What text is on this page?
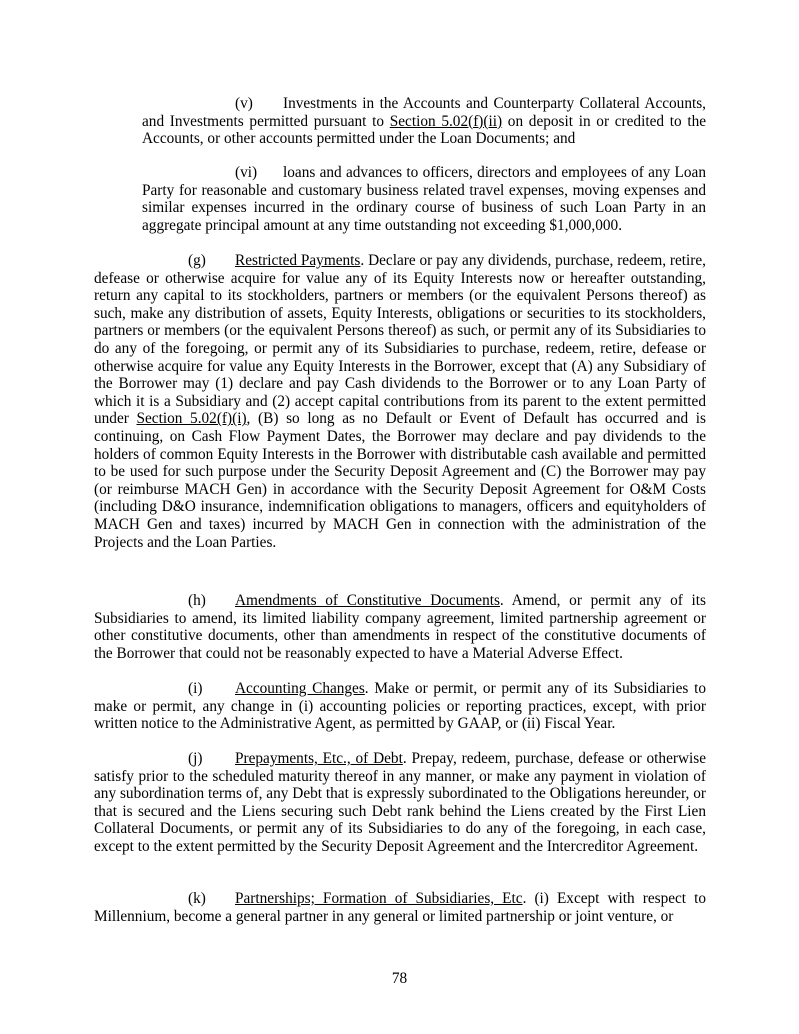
(v) Investments in the Accounts and Counterparty Collateral Accounts, and Investments permitted pursuant to Section 5.02(f)(ii) on deposit in or credited to the Accounts, or other accounts permitted under the Loan Documents; and

(vi) loans and advances to officers, directors and employees of any Loan Party for reasonable and customary business related travel expenses, moving expenses and similar expenses incurred in the ordinary course of business of such Loan Party in an aggregate principal amount at any time outstanding not exceeding $1,000,000.

(g) Restricted Payments. Declare or pay any dividends, purchase, redeem, retire, defease or otherwise acquire for value any of its Equity Interests now or hereafter outstanding, return any capital to its stockholders, partners or members (or the equivalent Persons thereof) as such, make any distribution of assets, Equity Interests, obligations or securities to its stockholders, partners or members (or the equivalent Persons thereof) as such, or permit any of its Subsidiaries to do any of the foregoing, or permit any of its Subsidiaries to purchase, redeem, retire, defease or otherwise acquire for value any Equity Interests in the Borrower, except that (A) any Subsidiary of the Borrower may (1) declare and pay Cash dividends to the Borrower or to any Loan Party of which it is a Subsidiary and (2) accept capital contributions from its parent to the extent permitted under Section 5.02(f)(i), (B) so long as no Default or Event of Default has occurred and is continuing, on Cash Flow Payment Dates, the Borrower may declare and pay dividends to the holders of common Equity Interests in the Borrower with distributable cash available and permitted to be used for such purpose under the Security Deposit Agreement and (C) the Borrower may pay (or reimburse MACH Gen) in accordance with the Security Deposit Agreement for O&M Costs (including D&O insurance, indemnification obligations to managers, officers and equityholders of MACH Gen and taxes) incurred by MACH Gen in connection with the administration of the Projects and the Loan Parties.

(h) Amendments of Constitutive Documents. Amend, or permit any of its Subsidiaries to amend, its limited liability company agreement, limited partnership agreement or other constitutive documents, other than amendments in respect of the constitutive documents of the Borrower that could not be reasonably expected to have a Material Adverse Effect.

(i) Accounting Changes. Make or permit, or permit any of its Subsidiaries to make or permit, any change in (i) accounting policies or reporting practices, except, with prior written notice to the Administrative Agent, as permitted by GAAP, or (ii) Fiscal Year.

(j) Prepayments, Etc., of Debt. Prepay, redeem, purchase, defease or otherwise satisfy prior to the scheduled maturity thereof in any manner, or make any payment in violation of any subordination terms of, any Debt that is expressly subordinated to the Obligations hereunder, or that is secured and the Liens securing such Debt rank behind the Liens created by the First Lien Collateral Documents, or permit any of its Subsidiaries to do any of the foregoing, in each case, except to the extent permitted by the Security Deposit Agreement and the Intercreditor Agreement.

(k) Partnerships; Formation of Subsidiaries, Etc. (i) Except with respect to Millennium, become a general partner in any general or limited partnership or joint venture, or

78
